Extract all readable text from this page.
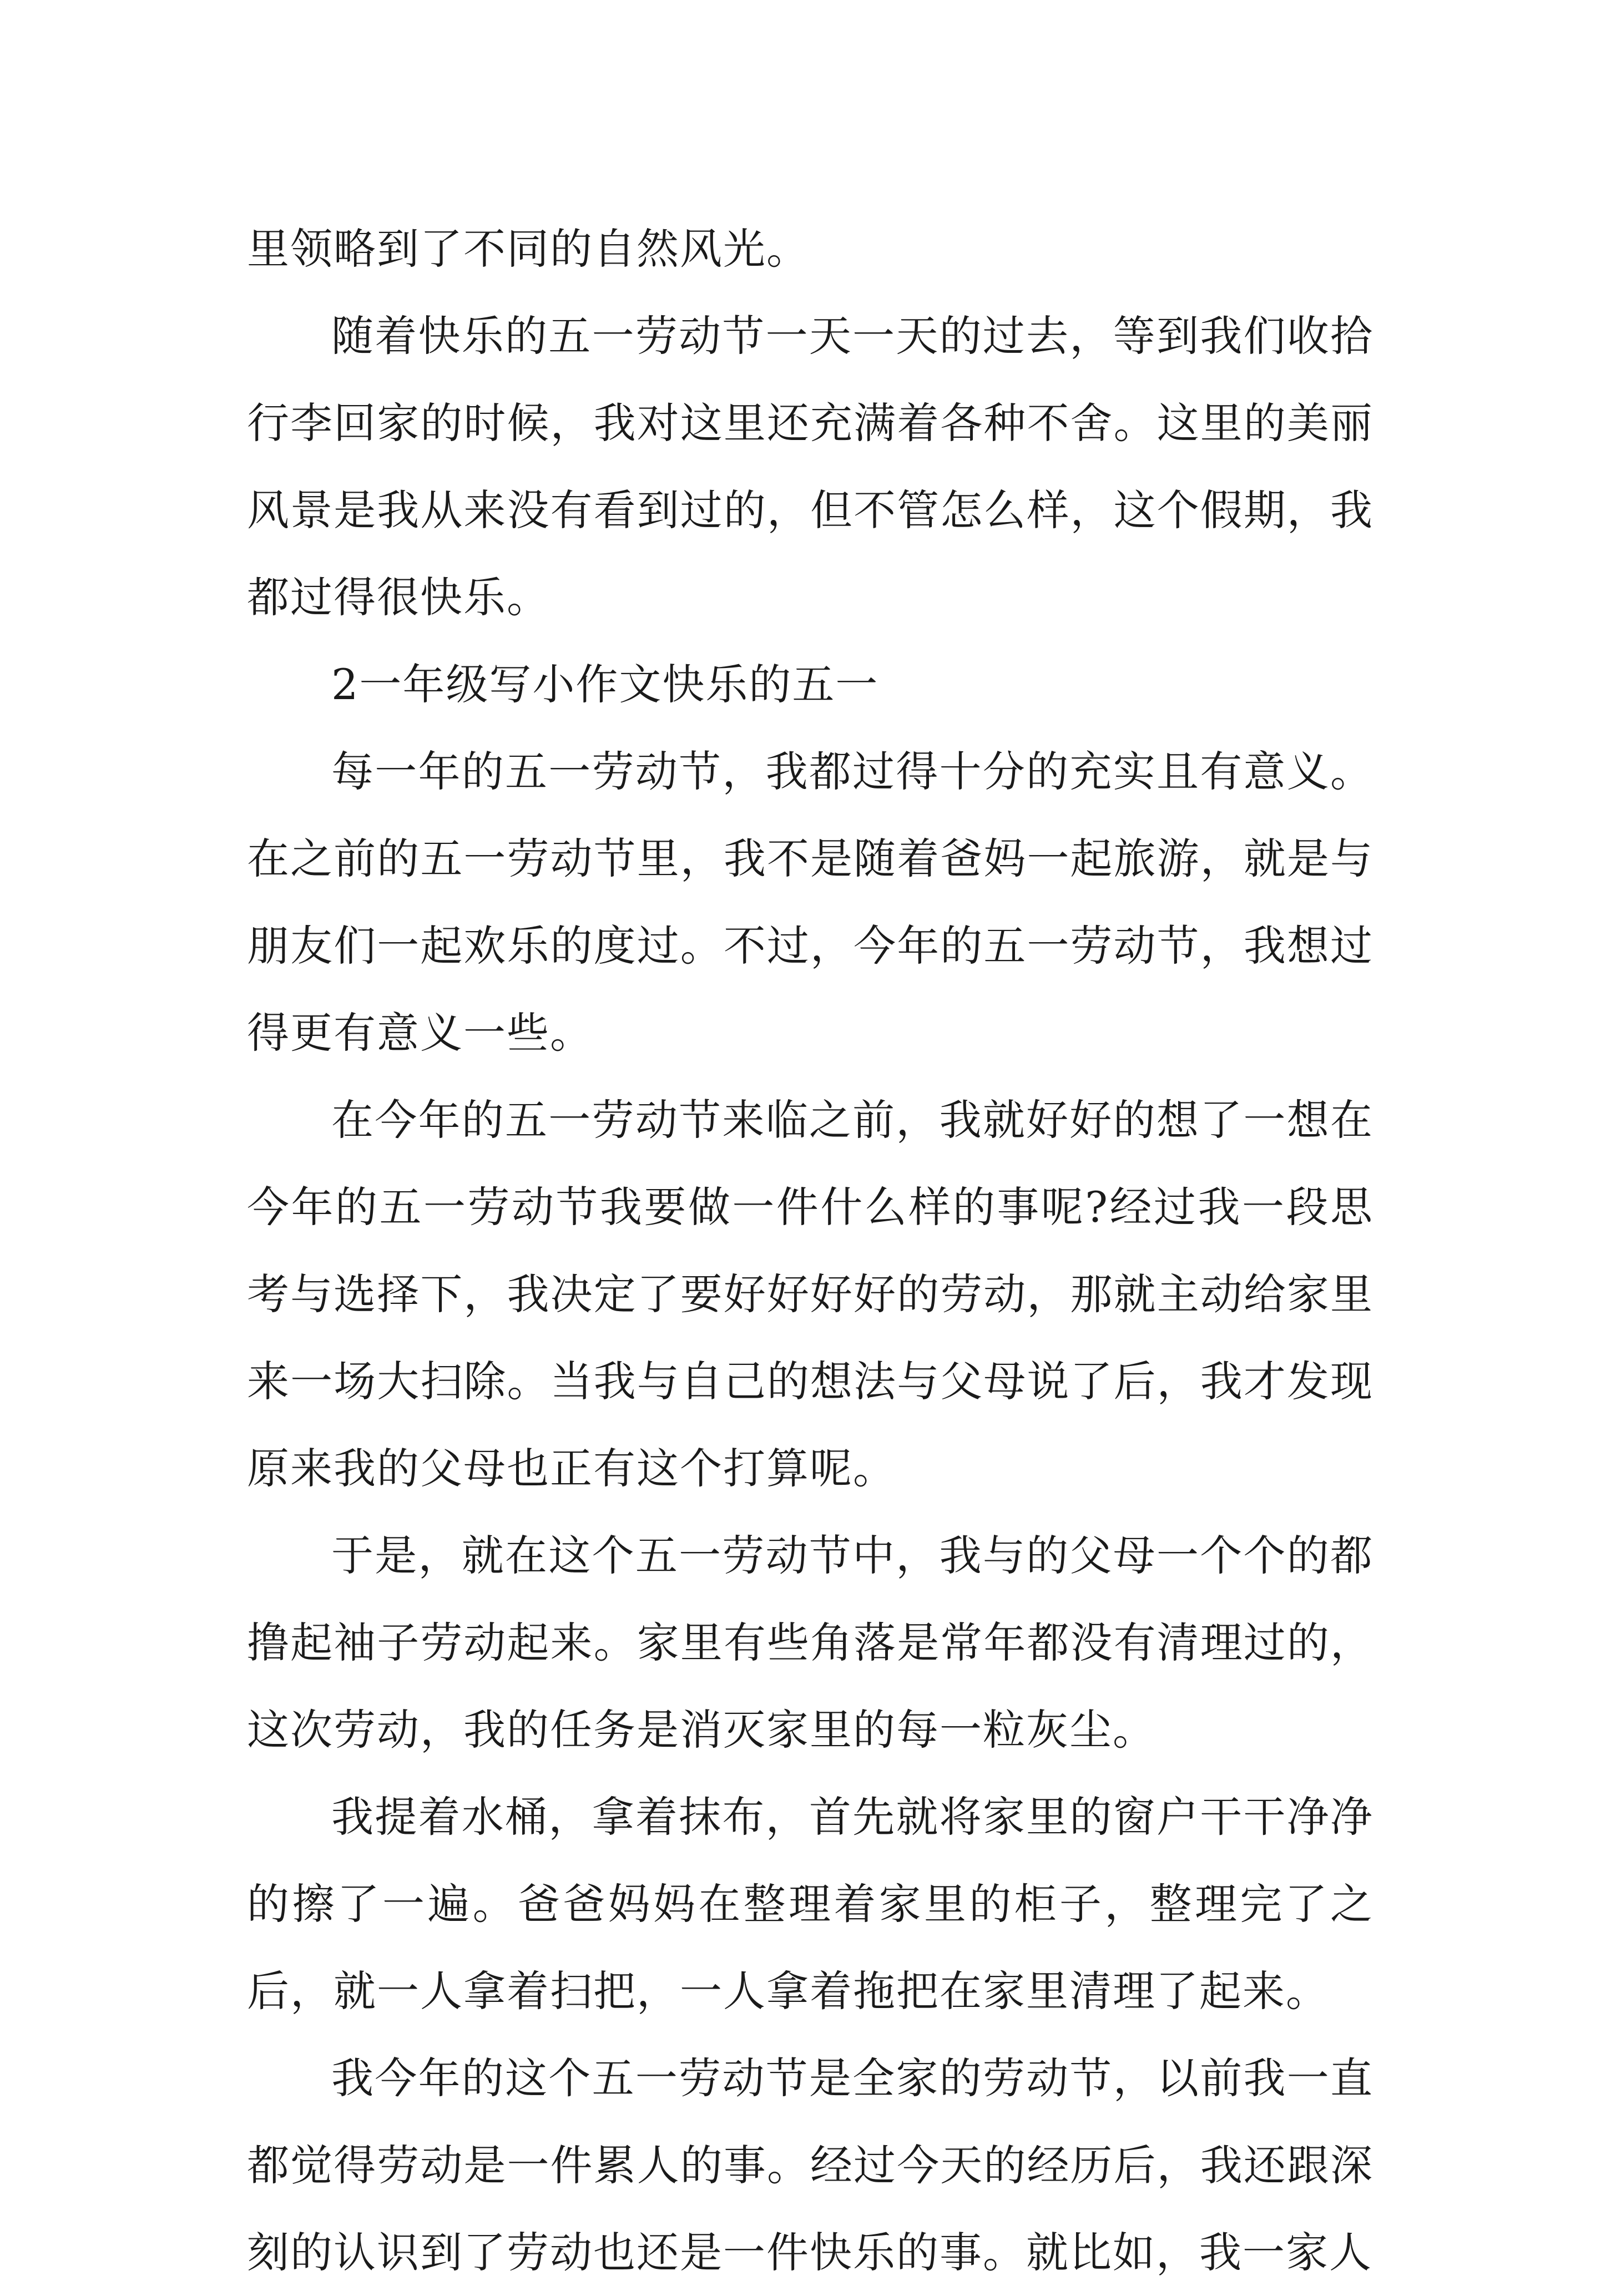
里领略到了不同的自然风光。

随着快乐的五一劳动节一天一天的过去，等到我们收拾行李回家的时候，我对这里还充满着各种不舍。这里的美丽风景是我从来没有看到过的，但不管怎么样，这个假期，我都过得很快乐。

2一年级写小作文快乐的五一

每一年的五一劳动节，我都过得十分的充实且有意义。在之前的五一劳动节里，我不是随着爸妈一起旅游，就是与朋友们一起欢乐的度过。不过，今年的五一劳动节，我想过得更有意义一些。

在今年的五一劳动节来临之前，我就好好的想了一想在今年的五一劳动节我要做一件什么样的事呢?经过我一段思考与选择下，我决定了要好好好好的劳动，那就主动给家里来一场大扫除。当我与自己的想法与父母说了后，我才发现原来我的父母也正有这个打算呢。

于是，就在这个五一劳动节中，我与的父母一个个的都撸起袖子劳动起来。家里有些角落是常年都没有清理过的，这次劳动，我的任务是消灭家里的每一粒灰尘。

我提着水桶，拿着抹布，首先就将家里的窗户干干净净的擦了一遍。爸爸妈妈在整理着家里的柜子，整理完了之后，就一人拿着扫把，一人拿着拖把在家里清理了起来。

我今年的这个五一劳动节是全家的劳动节，以前我一直都觉得劳动是一件累人的事。经过今天的经历后，我还跟深刻的认识到了劳动也还是一件快乐的事。就比如，我一家人
